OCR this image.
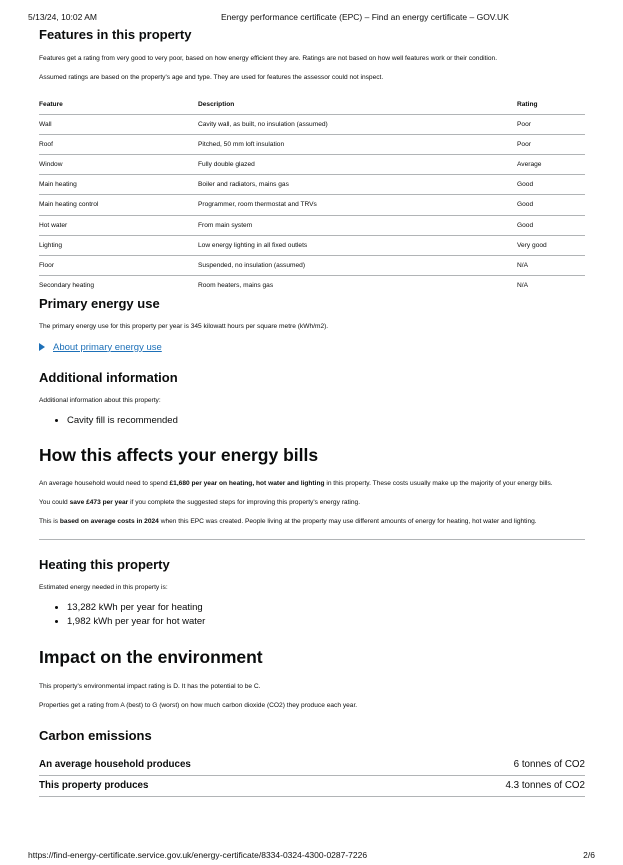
5/13/24, 10:02 AM	Energy performance certificate (EPC) – Find an energy certificate – GOV.UK
Features in this property

Features get a rating from very good to very poor, based on how energy efficient they are. Ratings are not based on how well features work or their condition.

Assumed ratings are based on the property's age and type. They are used for features the assessor could not inspect.

Feature	Description	Rating
Wall	Cavity wall, as built, no insulation (assumed)	Poor
Roof	Pitched, 50 mm loft insulation	Poor
Window	Fully double glazed	Average
Main heating	Boiler and radiators, mains gas	Good
Main heating control	Programmer, room thermostat and TRVs	Good
Hot water	From main system	Good
Lighting	Low energy lighting in all fixed outlets	Very good
Floor	Suspended, no insulation (assumed)	N/A
Secondary heating	Room heaters, mains gas	N/A
Primary energy use

The primary energy use for this property per year is 345 kilowatt hours per square metre (kWh/m2).

About primary energy use
Additional information

Additional information about this property:

• Cavity fill is recommended
How this affects your energy bills

An average household would need to spend £1,680 per year on heating, hot water and lighting in this property. These costs usually make up the majority of your energy bills.

You could save £473 per year if you complete the suggested steps for improving this property's energy rating.

This is based on average costs in 2024 when this EPC was created. People living at the property may use different amounts of energy for heating, hot water and lighting.

Heating this property

Estimated energy needed in this property is:

• 13,282 kWh per year for heating
• 1,982 kWh per year for hot water
Impact on the environment

This property's environmental impact rating is D. It has the potential to be C.

Properties get a rating from A (best) to G (worst) on how much carbon dioxide (CO2) they produce each year.

Carbon emissions
An average household produces	6 tonnes of CO2
This property produces	4.3 tonnes of CO2
https://find-energy-certificate.service.gov.uk/energy-certificate/8334-0324-4300-0287-7226	2/6
